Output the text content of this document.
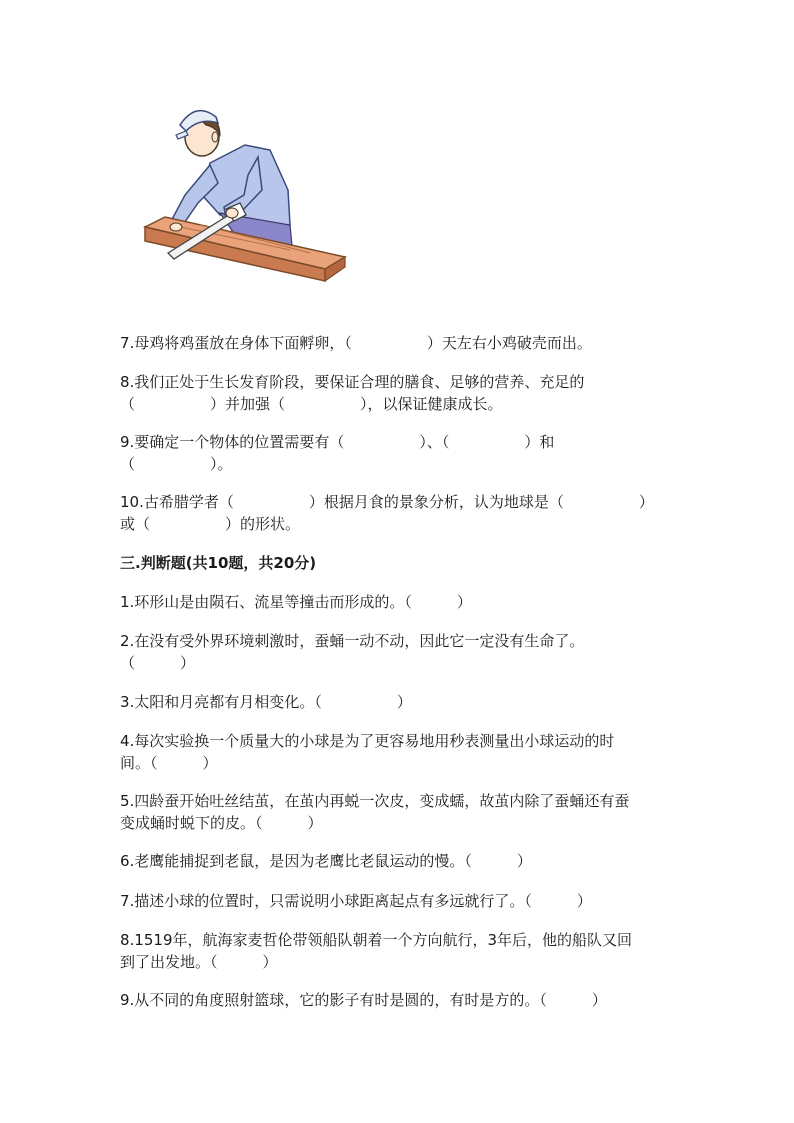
7.母鸡将鸡蛋放在身体下面孵卵，（　　　　　）天左右小鸡破壳而出。
8.我们正处于生长发育阶段，要保证合理的膳食、足够的营养、充足的
（　　　　　）并加强（　　　　　），以保证健康成长。
9.要确定一个物体的位置需要有（　　　　　）、（　　　　　）和
（　　　　　）。
10.古希腊学者（　　　　　）根据月食的景象分析，认为地球是（　　　　　）
或（　　　　　）的形状。
三.判断题(共10题，共20分)
1.环形山是由陨石、流星等撞击而形成的。（　　　）
2.在没有受外界环境刺激时，蚕蛹一动不动，因此它一定没有生命了。
（　　　）
3.太阳和月亮都有月相变化。（　　　　　）
4.每次实验换一个质量大的小球是为了更容易地用秒表测量出小球运动的时
间。（　　　）
5.四龄蚕开始吐丝结茧，在茧内再蜕一次皮，变成蠕，故茧内除了蚕蛹还有蚕
变成蛹时蜕下的皮。（　　　）
6.老鹰能捕捉到老鼠，是因为老鹰比老鼠运动的慢。（　　　）
7.描述小球的位置时，只需说明小球距离起点有多远就行了。（　　　）
8.1519年，航海家麦哲伦带领船队朝着一个方向航行，3年后，他的船队又回
到了出发地。（　　　）
9.从不同的角度照射篮球，它的影子有时是圆的，有时是方的。（　　　）
